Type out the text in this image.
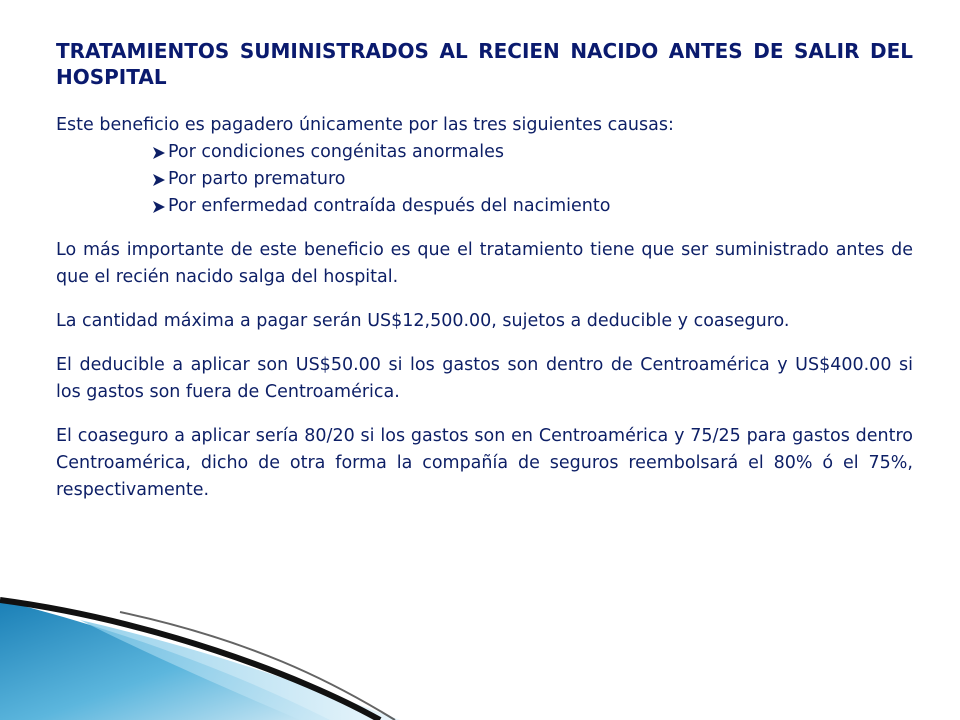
TRATAMIENTOS SUMINISTRADOS AL RECIEN NACIDO ANTES DE SALIR DEL HOSPITAL

Este beneficio es pagadero únicamente por las tres siguientes causas:

Por condiciones congénitas anormales
Por parto prematuro
Por enfermedad contraída después del nacimiento

Lo más importante de este beneficio es que el tratamiento tiene que ser suministrado antes de que el recién nacido salga del hospital.

La cantidad máxima a pagar serán US$12,500.00, sujetos a deducible y coaseguro.

El deducible a aplicar son US$50.00 si los gastos son dentro de Centroamérica y US$400.00 si los gastos son fuera de Centroamérica.

El coaseguro a aplicar sería 80/20 si los gastos son en Centroamérica y 75/25 para gastos dentro Centroamérica, dicho de otra forma la compañía de seguros reembolsará el 80% ó el 75%, respectivamente.
